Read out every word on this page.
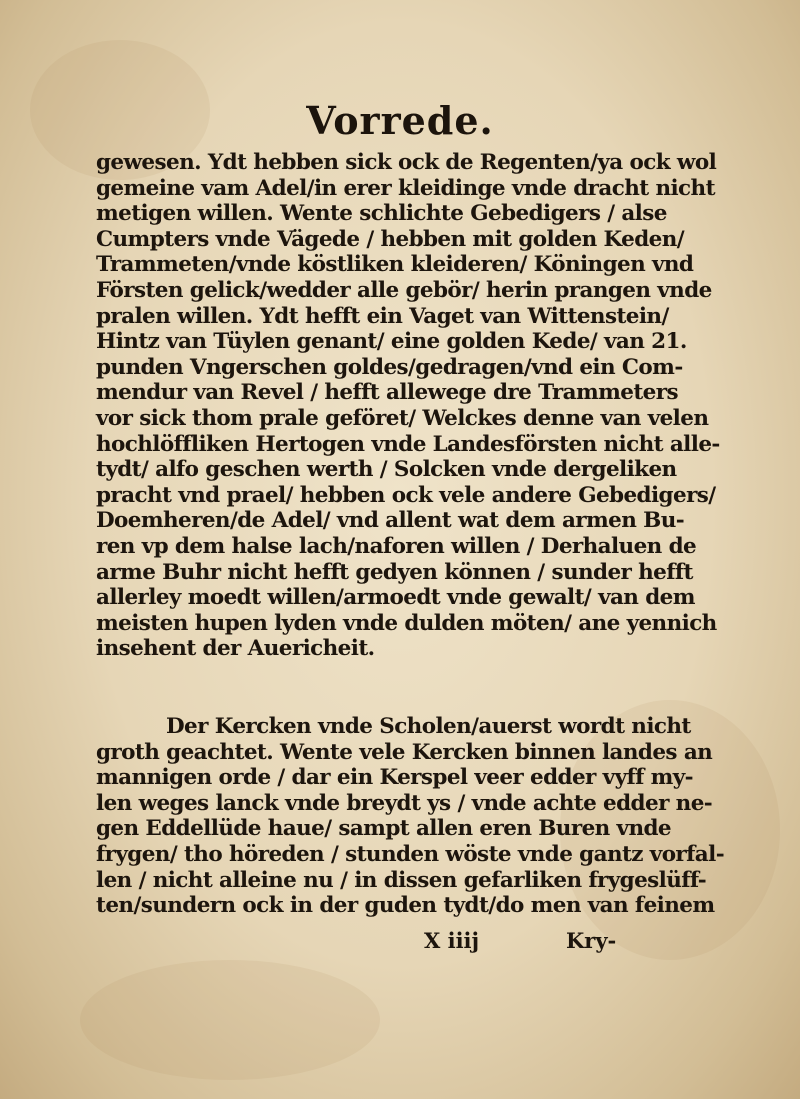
Vorrede.
gewesen. Ydt hebben sick ock de Regenten/ya ock wol
gemeine vam Adel/in erer kleidinge vnde dracht nicht
metigen willen. Wente schlichte Gebedigers / alse
Cumpters vnde Vägede / hebben mit golden Keden/
Trammeten/vnde köstliken kleideren/ Köningen vnd
Försten gelick/wedder alle gebör/ herin prangen vnde
pralen willen. Ydt hefft ein Vaget van Wittenstein/
Hintz van Tüylen genant/ eine golden Kede/ van 21.
punden Vngerschen goldes/gedragen/vnd ein Com-
mendur van Revel / hefft allewege dre Trammeters
vor sick thom prale geföret/ Welckes denne van velen
hochlöffliken Hertogen vnde Landesförsten nicht alle-
tydt/ alfo geschen werth / Solcken vnde dergeliken
pracht vnd prael/ hebben ock vele andere Gebedigers/
Doemheren/de Adel/ vnd allent wat dem armen Bu-
ren vp dem halse lach/naforen willen / Derhaluen de
arme Buhr nicht hefft gedyen können / sunder hefft
allerley moedt willen/armoedt vnde gewalt/ van dem
meisten hupen lyden vnde dulden möten/ ane yennich
insehent der Auericheit.
Der Kercken vnde Scholen/auerst wordt nicht
groth geachtet. Wente vele Kercken binnen landes an
mannigen orde / dar ein Kerspel veer edder vyff my-
len weges lanck vnde breydt ys / vnde achte edder ne-
gen Eddellüde haue/ sampt allen eren Buren vnde
frygen/ tho höreden / stunden wöste vnde gantz vorfal-
len / nicht alleine nu / in dissen gefarliken frygeslüff-
ten/sundern ock in der guden tydt/do men van feinem
X iiij	Kry-
